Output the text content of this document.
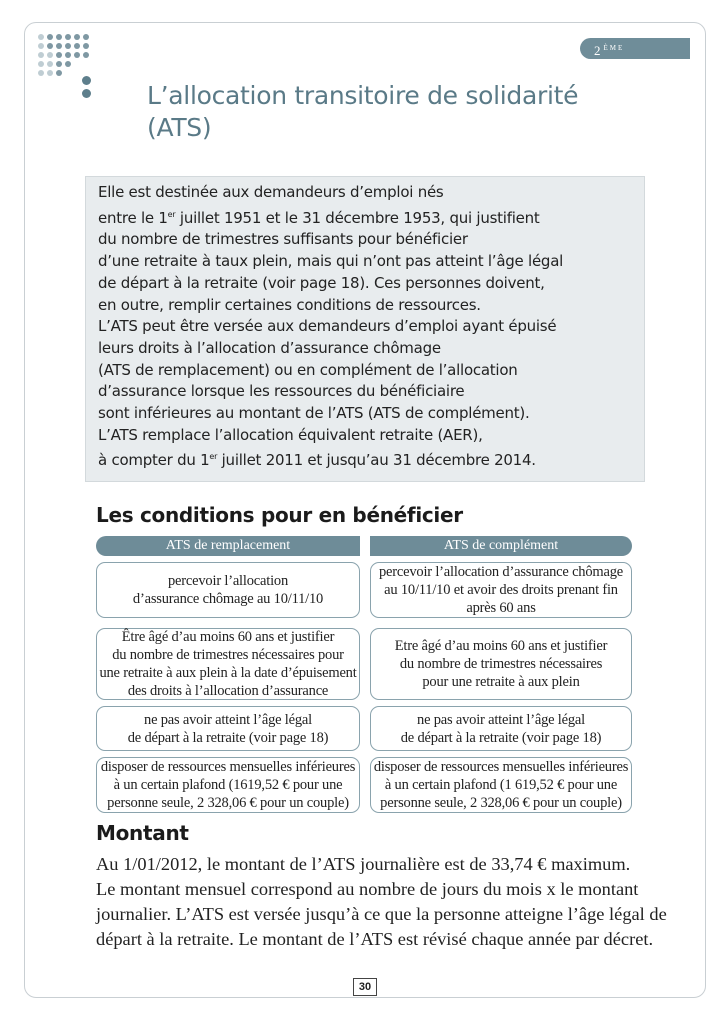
2ÈME PARTIE
L’allocation transitoire de solidarité
(ATS)

Elle est destinée aux demandeurs d’emploi nés

entre le 1er juillet 1951 et le 31 décembre 1953, qui justifient

du nombre de trimestres suffisants pour bénéficier

d’une retraite à taux plein, mais qui n’ont pas atteint l’âge légal

de départ à la retraite (voir page 18). Ces personnes doivent,

en outre, remplir certaines conditions de ressources.

L’ATS peut être versée aux demandeurs d’emploi ayant épuisé

leurs droits à l’allocation d’assurance chômage

(ATS de remplacement) ou en complément de l’allocation

d’assurance lorsque les ressources du bénéficiaire

sont inférieures au montant de l’ATS (ATS de complément).

L’ATS remplace l’allocation équivalent retraite (AER),

à compter du 1er juillet 2011 et jusqu’au 31 décembre 2014.

Les conditions pour en bénéficier
ATS de remplacement	ATS de complément
percevoir l’allocation
d’assurance chômage au 10/11/10
Être âgé d’au moins 60 ans et justifier
du nombre de trimestres nécessaires pour
une retraite à aux plein à la date d’épuisement
des droits à l’allocation d’assurance
ne pas avoir atteint l’âge légal
de départ à la retraite (voir page 18)
disposer de ressources mensuelles inférieures
à un certain plafond (1619,52 € pour une
personne seule, 2 328,06 € pour un couple)
percevoir l’allocation d’assurance chômage
au 10/11/10 et avoir des droits prenant fin
après 60 ans
Etre âgé d’au moins 60 ans et justifier
du nombre de trimestres nécessaires
pour une retraite à aux plein
ne pas avoir atteint l’âge légal
de départ à la retraite (voir page 18)
disposer de ressources mensuelles inférieures
à un certain plafond (1 619,52 € pour une
personne seule, 2 328,06 € pour un couple)
Montant

Au 1/01/2012, le montant de l’ATS journalière est de 33,74 € maximum.
Le montant mensuel correspond au nombre de jours du mois x le montant
journalier. L’ATS est versée jusqu’à ce que la personne atteigne l’âge légal de
départ à la retraite. Le montant de l’ATS est révisé chaque année par décret.

30
